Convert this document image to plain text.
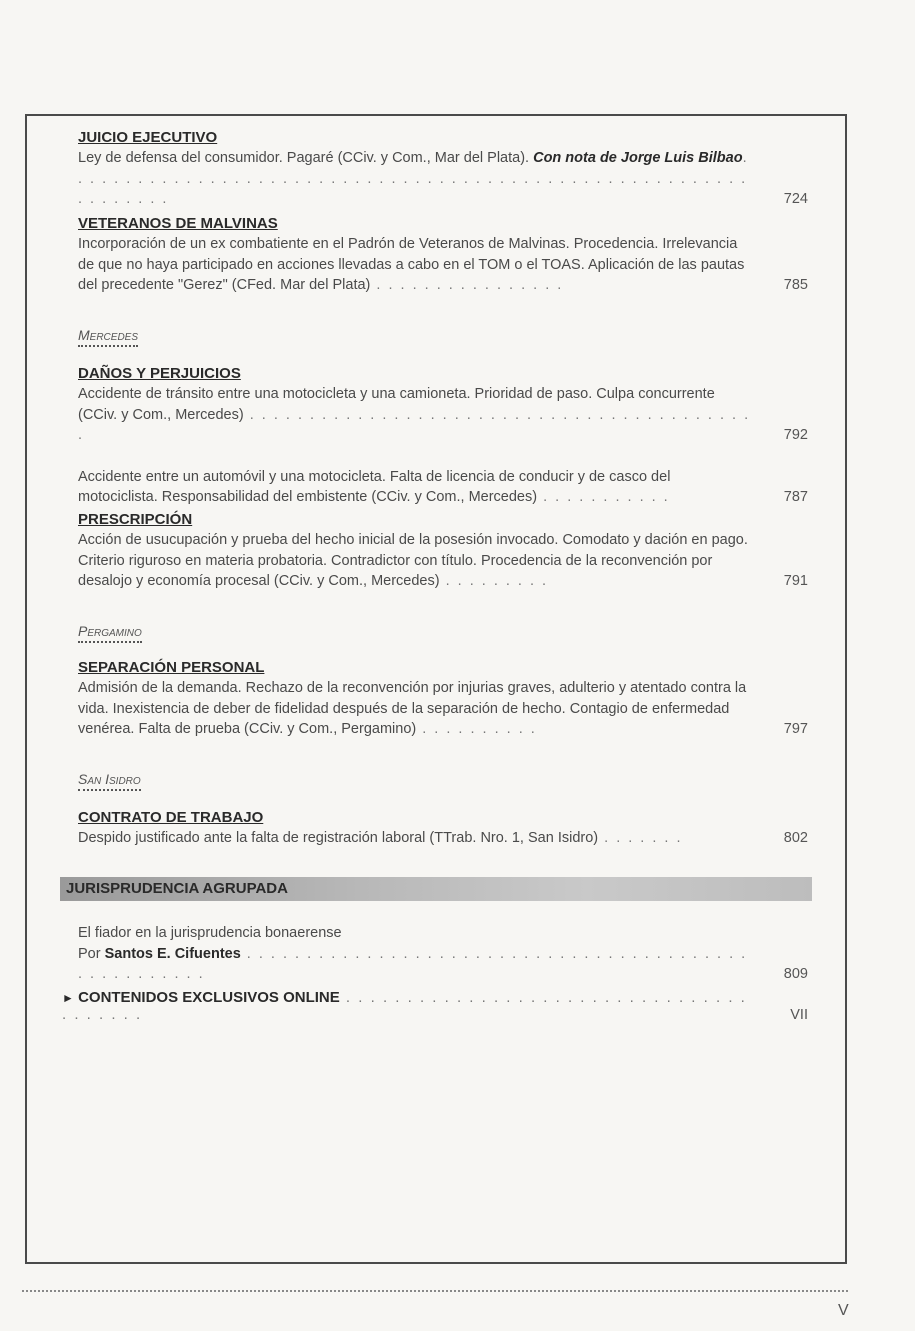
JUICIO EJECUTIVO

Ley de defensa del consumidor. Pagaré (CCiv. y Com., Mar del Plata). Con nota de Jorge Luis Bilbao. . . . . . . . . . . . . . . . . . . . . . . . . . . . . . . . . . . . . . . . . . . . . . . . . . . . . . . . . . . . . . . . .	724

VETERANOS DE MALVINAS

Incorporación de un ex combatiente en el Padrón de Veteranos de Malvinas. Procedencia. Irrelevancia de que no haya participado en acciones llevadas a cabo en el TOM o el TOAS. Aplicación de las pautas del precedente "Gerez" (CFed. Mar del Plata) . . . . . . . . . . . . . . . .	785
Mercedes

DAÑOS Y PERJUICIOS

Accidente de tránsito entre una motocicleta y una camioneta. Prioridad de paso. Culpa concurrente (CCiv. y Com., Mercedes) . . . . . . . . . . . . . . . . . . . . . . . . . . . . . . . . . . . . . . . . . . .	792
Accidente entre un automóvil y una motocicleta. Falta de licencia de conducir y de casco del motociclista. Responsabilidad del embistente (CCiv. y Com., Mercedes) . . . . . . . . . . .	787

PRESCRIPCIÓN

Acción de usucupación y prueba del hecho inicial de la posesión invocado. Comodato y dación en pago. Criterio riguroso en materia probatoria. Contradictor con título. Procedencia de la reconvención por desalojo y economía procesal (CCiv. y Com., Mercedes) . . . . . . . . .	791
Pergamino

SEPARACIÓN PERSONAL

Admisión de la demanda. Rechazo de la reconvención por injurias graves, adulterio y atentado contra la vida. Inexistencia de deber de fidelidad después de la separación de hecho. Contagio de enfermedad venérea. Falta de prueba (CCiv. y Com., Pergamino) . . . . . . . . . .	797
San Isidro

CONTRATO DE TRABAJO

Despido justificado ante la falta de registración laboral (TTrab. Nro. 1, San Isidro) . . . . . . .	802
JURISPRUDENCIA AGRUPADA
El fiador en la jurisprudencia bonaerense
Por Santos E. Cifuentes . . . . . . . . . . . . . . . . . . . . . . . . . . . . . . . . . . . . . . . . . . . . . . . . . . . . .	809
► CONTENIDOS EXCLUSIVOS ONLINE . . . . . . . . . . . . . . . . . . . . . . . . . . . . . . . . . . . . . . . .	VII
V
